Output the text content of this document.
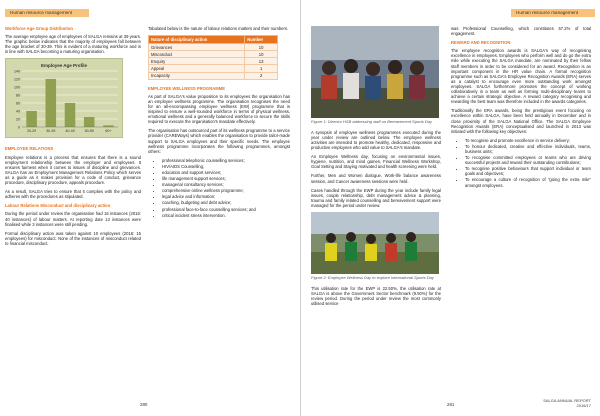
Human resource management
Workforce Age Group Distribution
The average employee age of employees of SALGA remains at 39 years. The graphic below indicates that the majority of employees fall between the age bracket of 30-39. This is evident of a maturing workforce and is in line with SALGA becoming a maturing organisation.
Employee Age Profile
0
20
40
60
80
100
120
140
20-29	30-39	40-49	50-59	60+
EMPLOYEE RELATIONS
Employee relations is a process that ensures that there is a sound employment relationship between the employer and employees. It ensures fairness when it comes to issues of discipline and grievances. SALGA has an Employment Management Relations Policy which serves as a guide as it makes provision for a code of conduct, grievance procedure, disciplinary procedure, appeals procedure.
As a result, SALGA tries to ensure that it complies with the policy and adheres with the procedures as stipulated.
Labour Relations Misconduct and disciplinary action
During the period under review the organisation had 16 instances (2016: 40 instances) of labour matters. At reporting date 13 instances were finalised while 3 instances were still pending.
Formal disciplinary action was taken against 10 employees (2016: 15 employees) for misconduct. None of the instances of misconduct related to financial misconduct.
Tabulated below is the nature of labour relations matters and their numbers.
Nature of disciplinary action	Number
Grievances	10
Misconduct	10
Enquiry	13
Appeal	1
Incapacity	2
EMPLOYEE WELLNESS PROGRAMME
As part of SALGA's value proposition to its employees the organisation has an employee wellness programme. The organisation recognises the need for an all-encompassing employee wellness (EW) programme that is inspired to ensure a well-rounded workforce in terms of physical wellness, emotional wellness and a generally balanced workforce to secure the skills required to execute the organisation's mandate effectively.
The organisation has outsourced part of its wellness programme to a service provider (CAREWays) which enables the organisation to provide tailor-made support to SALGA employees and their specific needs. The employee wellness programme incorporates the following programmes, amongst others:
• professional telephonic counselling services;
• HIV/AIDS Counselling;
• education and support services;
• life management support services;
• managerial consultancy services;
• comprehensive online wellness programme;
• legal advice and information;
• coaching, budgeting and debt advice;
• professional face-to-face counselling services; and
• critical incident stress intervention.
280
Human resource management
Figure 1: Director HSB addressing staff on Bereavement Sports Day
A synopsis of employee wellness programmes executed during the year under review are outlined below. The employee wellness activities are intended to promote healthy, dedicated, responsive and productive employees who add value to SALGA's mandate.
An Employee Wellness day, focusing on environmental issues, hygiene, nutrition, and mind games, Financial Wellness Workshop, Goal Setting and Staying motivated and health screening were held.
Further, Men and Women dialogue, Work-life balance awareness session, and Cancer awareness sessions were held.
Cases handled through the EWP during the year include family legal issues, couple relationship, debt management advice & planning, trauma and family related counselling and bereavement support were managed for the period under review.
Figure 2: Employee Wellness Day to explore International Sports Day
This utilisation rate for the EWP is 22.50%, the utilisation rate at SALGA is above the Government Sector benchmark (9.50%) for the review period. During the period under review the most commonly utilised service
was Professional Counselling, which constitutes 57.2% of total engagement.
REWARD AND RECOGNITION
The employee recognition awards is SALGA's way of recognising excellence in employees. Employees who perform well and do go the extra mile while executing the SALGA mandate, are nominated by their fellow staff members in order to be considered for an award. Recognition is an important component in the HR value chain. A formal recognition programme such as SALGA's Employee Recognition Awards (ERA) serves as a catalyst to encourage even more outstanding work amongst employees. SALGA furthermore promotes the concept of working collaboratively in a team as well as forming multi-disciplinary teams to achieve a certain strategic objective. A reward category recognising and rewarding the best team was therefore included in the awards categories.
Traditionally the ERA awards, being the prestigious event focusing on excellence within SALGA, have been held annually in December and in close proximity of the SALGA National Office. The SALGA Employee Recognition Awards (ERA) conceptualised and launched in 2013 was initiated with the following key objectives:
• To recognise and promote excellence in service delivery;
• To honour dedicated, creative and effective individuals, teams, business units;
• To recognise committed employees or teams who are driving successful projects and reward their outstanding contributions;
• To recognise positive behaviours that support individual or team goals and objectives;
• To encourage a culture of recognition of "going the extra mile" amongst employees.
281
SALGA ANNUAL REPORT
2016/17
